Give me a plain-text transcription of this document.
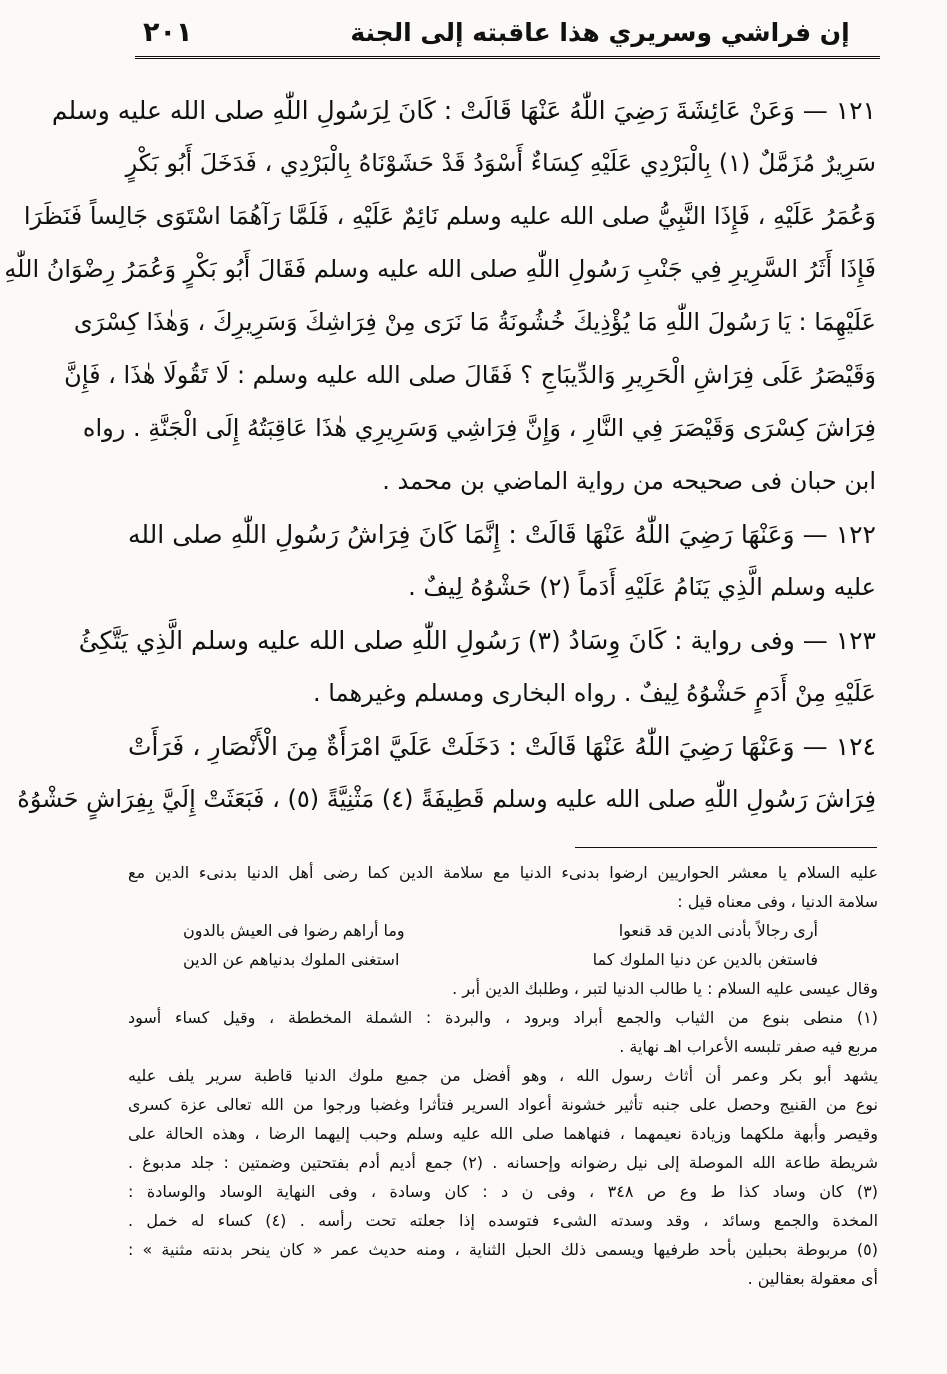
إن فراشي وسريري هذا عاقبته إلى الجنة
٢٠١
١٢١ — وَعَنْ عَائِشَةَ رَضِيَ اللّٰهُ عَنْهَا قَالَتْ : كَانَ لِرَسُولِ اللّٰهِ صلى الله عليه وسلم
سَرِيرٌ مُزَمَّلٌ (١) بِالْبَرْدِي عَلَيْهِ كِسَاءٌ أَسْوَدُ قَدْ حَشَوْنَاهُ بِالْبَرْدِي ، فَدَخَلَ أَبُو بَكْرٍ
وَعُمَرُ عَلَيْهِ ، فَإِذَا النَّبِيُّ صلى الله عليه وسلم نَائِمٌ عَلَيْهِ ، فَلَمَّا رَآهُمَا اسْتَوَى جَالِساً فَنَظَرَا
فَإِذَا أَثَرُ السَّرِيرِ فِي جَنْبِ رَسُولِ اللّٰهِ صلى الله عليه وسلم فَقَالَ أَبُو بَكْرٍ وَعُمَرُ رِضْوَانُ اللّٰهِ
عَلَيْهِمَا : يَا رَسُولَ اللّٰهِ مَا يُؤْذِيكَ خُشُونَةُ مَا نَرَى مِنْ فِرَاشِكَ وَسَرِيرِكَ ، وَهٰذَا كِسْرَى
وَقَيْصَرُ عَلَى فِرَاشِ الْحَرِيرِ وَالدِّيبَاجِ ؟ فَقَالَ صلى الله عليه وسلم : لَا تَقُولَا هٰذَا ، فَإِنَّ
فِرَاشَ كِسْرَى وَقَيْصَرَ فِي النَّارِ ، وَإِنَّ فِرَاشِي وَسَرِيرِي هٰذَا عَاقِبَتُهُ إِلَى الْجَنَّةِ . رواه
ابن حبان فى صحيحه من رواية الماضي بن محمد .
١٢٢ — وَعَنْهَا رَضِيَ اللّٰهُ عَنْهَا قَالَتْ : إِنَّمَا كَانَ فِرَاشُ رَسُولِ اللّٰهِ صلى الله
عليه وسلم الَّذِي يَنَامُ عَلَيْهِ أَدَماً (٢) حَشْوُهُ لِيفٌ .
١٢٣ — وفى رواية : كَانَ وِسَادُ (٣) رَسُولِ اللّٰهِ صلى الله عليه وسلم الَّذِي يَتَّكِئُ
عَلَيْهِ مِنْ أَدَمٍ حَشْوُهُ لِيفٌ . رواه البخارى ومسلم وغيرهما .
١٢٤ — وَعَنْهَا رَضِيَ اللّٰهُ عَنْهَا قَالَتْ : دَخَلَتْ عَلَيَّ امْرَأَةٌ مِنَ الْأَنْصَارِ ، فَرَأَتْ
فِرَاشَ رَسُولِ اللّٰهِ صلى الله عليه وسلم قَطِيفَةً (٤) مَثْنِيَّةً (٥) ، فَبَعَثَتْ إِلَيَّ بِفِرَاشٍ حَشْوُهُ
عليه السلام يا معشر الحواريين ارضوا بدنىء الدنيا مع سلامة الدين كما رضى أهل الدنيا بدنىء الدين مع
سلامة الدنيا ، وفى معناه قيل :
أرى رجالاً بأدنى الدين قد قنعوا
وما أراهم رضوا فى العيش بالدون
فاستغن بالدين عن دنيا الملوك كما
استغنى الملوك بدنياهم عن الدين
وقال عيسى عليه السلام : يا طالب الدنيا لتبر ، وطلبك الدين أبر .
(١) منطى بنوع من الثياب والجمع أبراد وبرود ، والبردة : الشملة المخططة ، وقيل كساء أسود
مربع فيه صفر تلبسه الأعراب اهـ نهاية .
يشهد أبو بكر وعمر أن أثاث رسول الله ، وهو أفضل من جميع ملوك الدنيا قاطبة سرير يلف عليه
نوع من القنيج وحصل على جنبه تأثير خشونة أعواد السرير فتأثرا وغضبا ورجوا من الله تعالى عزة كسرى
وقيصر وأبهة ملكهما وزيادة نعيمهما ، فنهاهما صلى الله عليه وسلم وحبب إليهما الرضا ، وهذه الحالة على
شريطة طاعة الله الموصلة إلى نيل رضوانه وإحسانه . (٢) جمع أديم أدم بفتحتين وضمتين : جلد مدبوغ .
(٣) كان وساد كذا ط وع ص ٣٤٨ ، وفى ن د : كان وسادة ، وفى النهاية الوساد والوسادة :
المخدة والجمع وسائد ، وقد وسدته الشىء فتوسده إذا جعلته تحت رأسه . (٤) كساء له خمل .
(٥) مربوطة بحبلين بأحد طرفيها ويسمى ذلك الحبل الثناية ، ومنه حديث عمر « كان ينحر بدنته مثنية » :
أى معقولة بعقالين .
